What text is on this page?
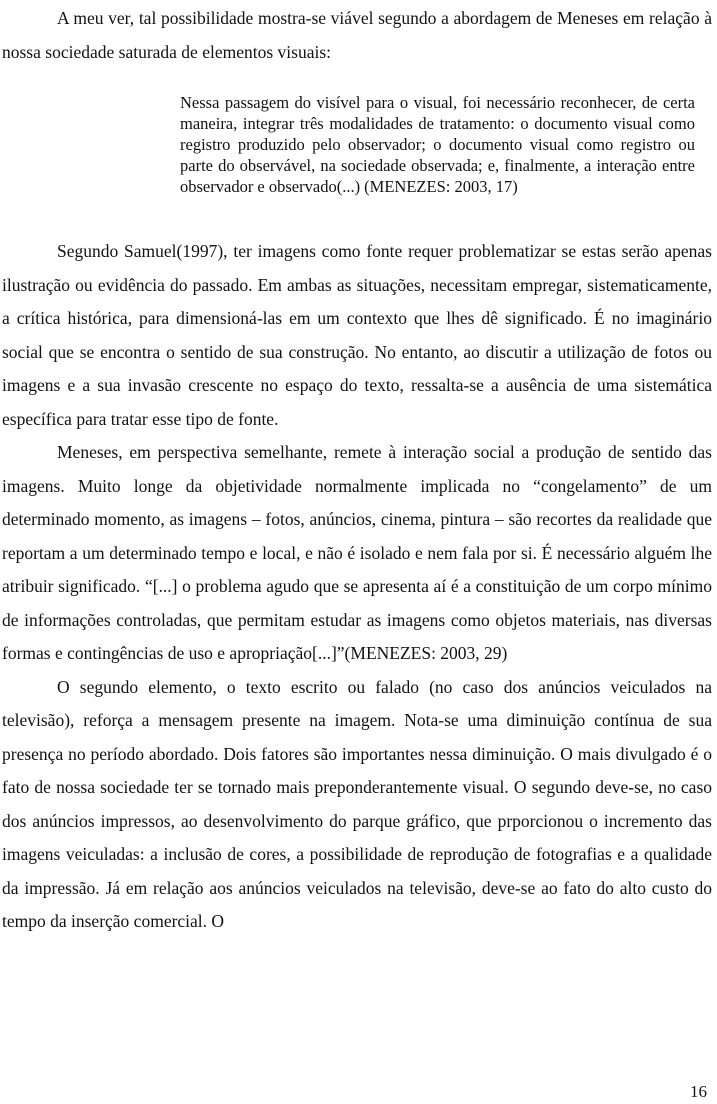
A meu ver, tal possibilidade mostra-se viável segundo a abordagem de Meneses em relação à nossa sociedade saturada de elementos visuais:

Nessa passagem do visível para o visual, foi necessário reconhecer, de certa maneira, integrar três modalidades de tratamento: o documento visual como registro produzido pelo observador; o documento visual como registro ou parte do observável, na sociedade observada; e, finalmente, a interação entre observador e observado(...) (MENEZES: 2003, 17)

Segundo Samuel(1997), ter imagens como fonte requer problematizar se estas serão apenas ilustração ou evidência do passado. Em ambas as situações, necessitam empregar, sistematicamente, a crítica histórica, para dimensioná-las em um contexto que lhes dê significado. É no imaginário social que se encontra o sentido de sua construção. No entanto, ao discutir a utilização de fotos ou imagens e a sua invasão crescente no espaço do texto, ressalta-se a ausência de uma sistemática específica para tratar esse tipo de fonte.

Meneses, em perspectiva semelhante, remete à interação social a produção de sentido das imagens. Muito longe da objetividade normalmente implicada no “congelamento” de um determinado momento, as imagens – fotos, anúncios, cinema, pintura – são recortes da realidade que reportam a um determinado tempo e local, e não é isolado e nem fala por si. É necessário alguém lhe atribuir significado. “[...] o problema agudo que se apresenta aí é a constituição de um corpo mínimo de informações controladas, que permitam estudar as imagens como objetos materiais, nas diversas formas e contingências de uso e apropriação[...]”(MENEZES: 2003, 29)

O segundo elemento, o texto escrito ou falado (no caso dos anúncios veiculados na televisão), reforça a mensagem presente na imagem. Nota-se uma diminuição contínua de sua presença no período abordado. Dois fatores são importantes nessa diminuição. O mais divulgado é o fato de nossa sociedade ter se tornado mais preponderantemente visual. O segundo deve-se, no caso dos anúncios impressos, ao desenvolvimento do parque gráfico, que prporcionou o incremento das imagens veiculadas: a inclusão de cores, a possibilidade de reprodução de fotografias e a qualidade da impressão. Já em relação aos anúncios veiculados na televisão, deve-se ao fato do alto custo do tempo da inserção comercial. O

16
